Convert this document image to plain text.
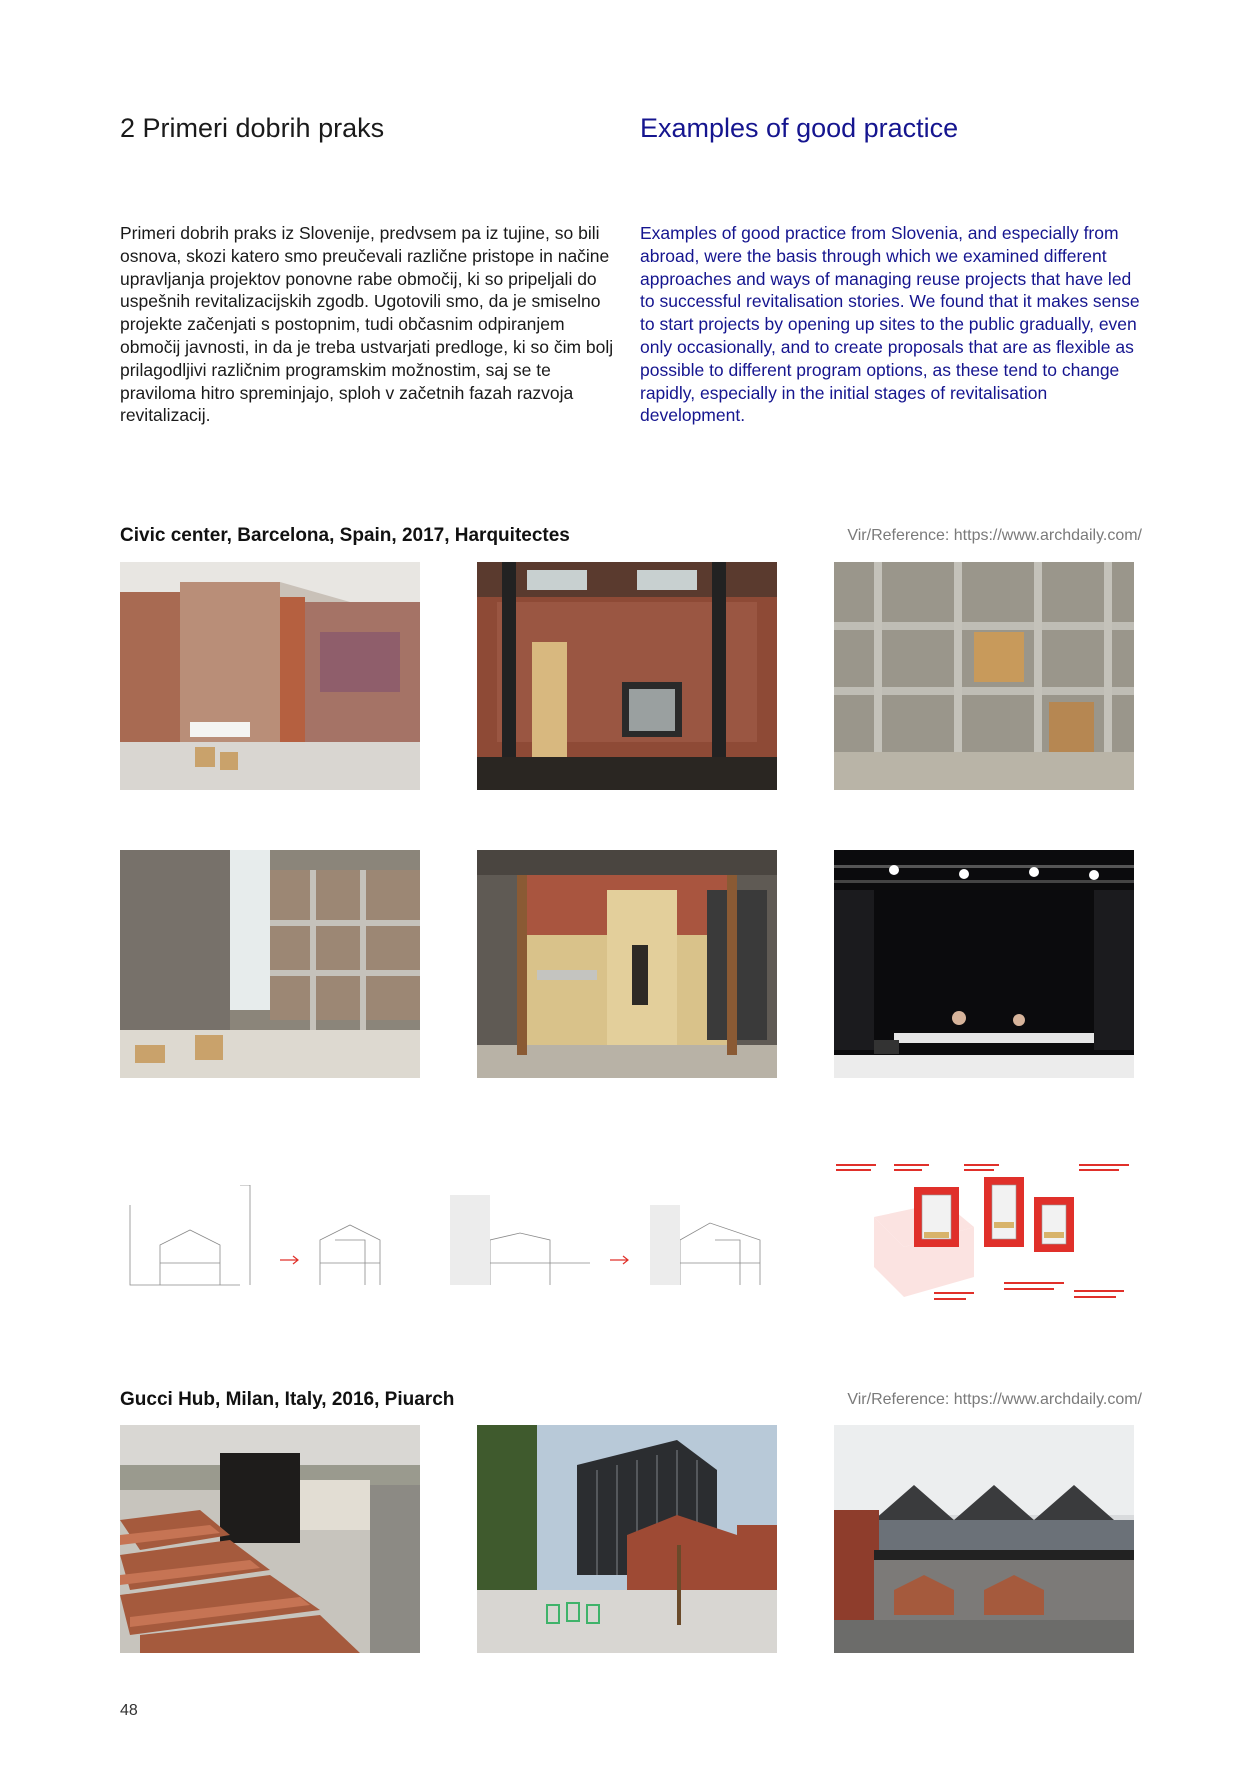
2 Primeri dobrih praks	Examples of good practice
Primeri dobrih praks iz Slovenije, predvsem pa iz tujine, so bili osnova, skozi katero smo preučevali različne pristope in načine upravljanja projektov ponovne rabe območij, ki so pripeljali do uspešnih revitalizacijskih zgodb. Ugotovili smo, da je smiselno projekte začenjati s postopnim, tudi občasnim odpiranjem območij javnosti, in da je treba ustvarjati predloge, ki so čim bolj prilagodljivi različnim programskim možnostim, saj se te praviloma hitro spreminjajo, sploh v začetnih fazah razvoja revitalizacij.
Examples of good practice from Slovenia, and especially from abroad, were the basis through which we examined different approaches and ways of managing reuse projects that have led to successful revitalisation stories. We found that it makes sense to start projects by opening up sites to the public gradually, even only occasionally, and to create proposals that are as flexible as possible to different program options, as these tend to change rapidly, especially in the initial stages of revitalisation development.
Civic center, Barcelona, Spain, 2017, Harquitectes	Vir/Reference: https://www.archdaily.com/
Gucci Hub, Milan, Italy, 2016, Piuarch	Vir/Reference: https://www.archdaily.com/
48
